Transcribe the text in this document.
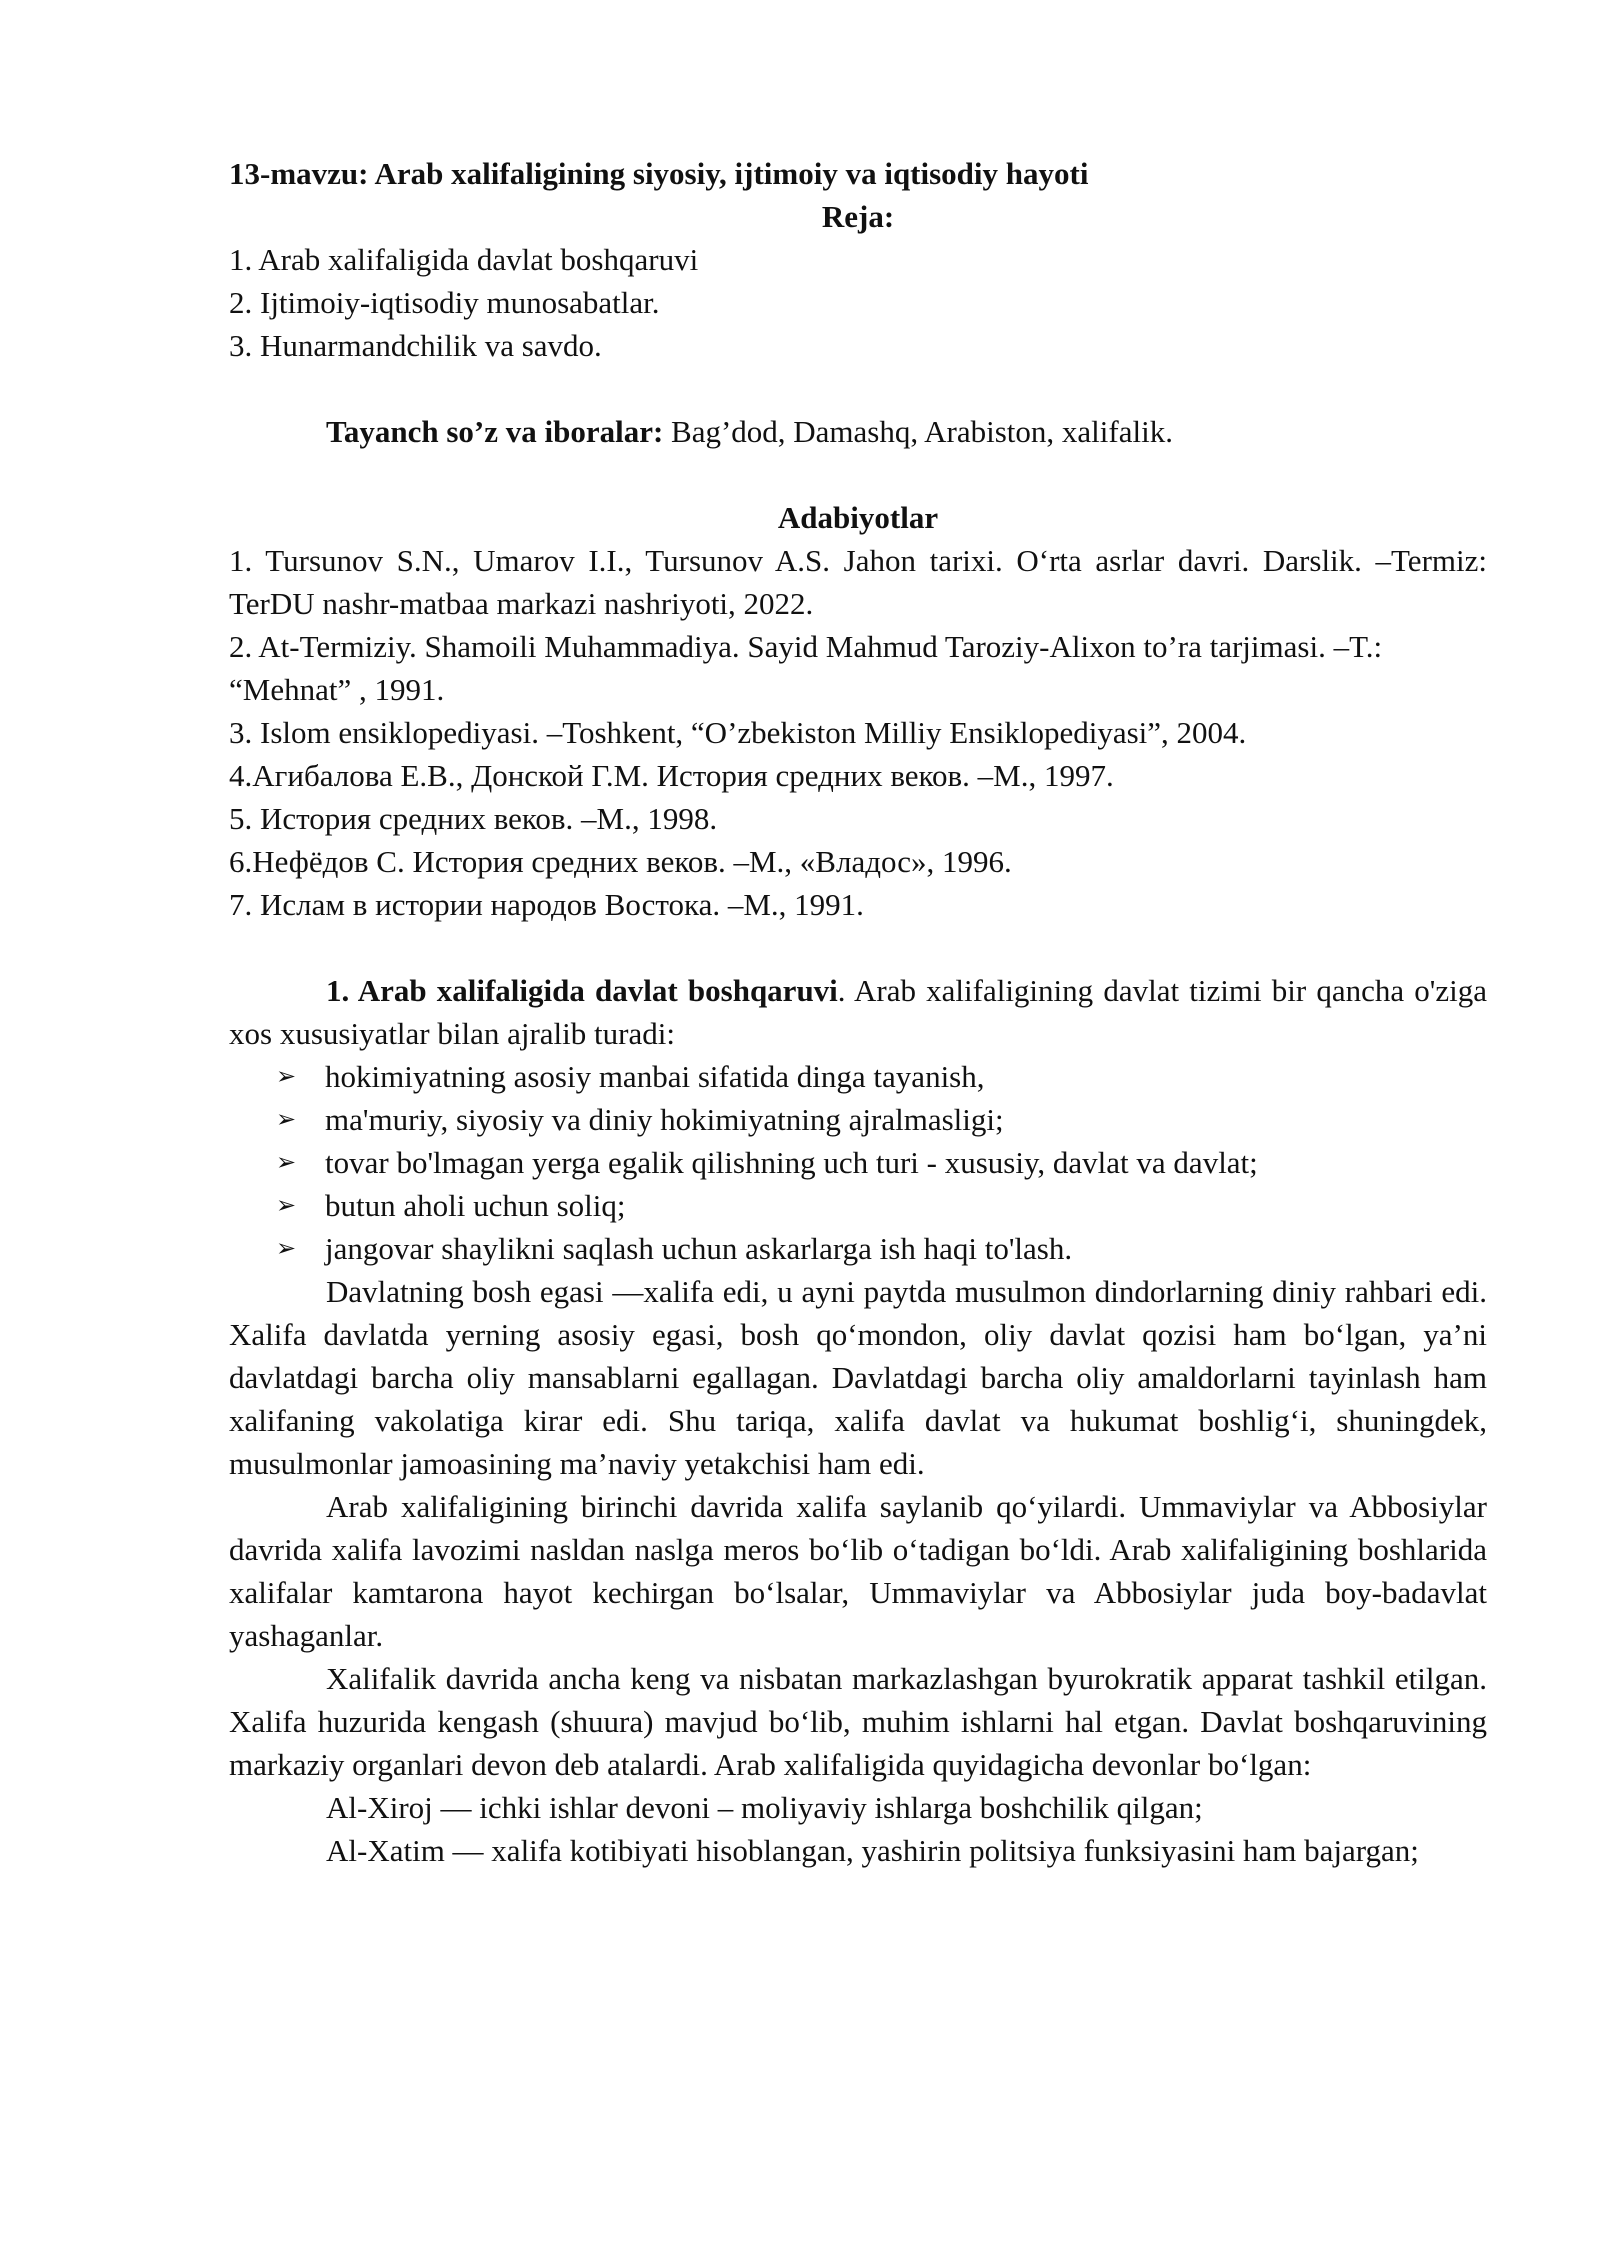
13-mavzu: Arab xalifaligining siyosiy, ijtimoiy va iqtisodiy hayoti

Reja:

1. Arab xalifaligida davlat boshqaruvi

2. Ijtimoiy-iqtisodiy munosabatlar.

3. Hunarmandchilik va savdo.

Tayanch so’z va iboralar: Bag’dod, Damashq, Arabiston, xalifalik.

Adabiyotlar

1. Tursunov S.N., Umarov I.I., Tursunov A.S. Jahon tarixi. O‘rta asrlar davri. Darslik. –Termiz: TerDU nashr-matbaa markazi nashriyoti, 2022.

2. At-Termiziy. Shamoili Muhammadiya. Sayid Mahmud Taroziy-Alixon to’ra tarjimasi. –T.: “Mehnat” , 1991.

3. Islom ensiklopediyasi. –Toshkent, “O’zbekiston Milliy Ensiklopediyasi”, 2004.

4.Агибалова Е.В., Донской Г.М. История средних веков. –М., 1997.

5. История средних веков. –М., 1998.

6.Нефёдов С. История средних веков. –М., «Владос», 1996.

7. Ислам в истории народов Востока. –М., 1991.

1. Arab xalifaligida davlat boshqaruvi. Arab xalifaligining davlat tizimi bir qancha o'ziga xos xususiyatlar bilan ajralib turadi:

➢ hokimiyatning asosiy manbai sifatida dinga tayanish,
➢ ma'muriy, siyosiy va diniy hokimiyatning ajralmasligi;
➢ tovar bo'lmagan yerga egalik qilishning uch turi - xususiy, davlat va davlat;
➢ butun aholi uchun soliq;
➢ jangovar shaylikni saqlash uchun askarlarga ish haqi to'lash.

Davlatning bosh egasi —xalifa edi, u ayni paytda musulmon dindorlarning diniy rahbari edi. Xalifa davlatda yerning asosiy egasi, bosh qo‘mondon, oliy davlat qozisi ham bo‘lgan, ya’ni davlatdagi barcha oliy mansablarni egallagan. Davlatdagi barcha oliy amaldorlarni tayinlash ham xalifaning vakolatiga kirar edi. Shu tariqa, xalifa davlat va hukumat boshlig‘i, shuningdek, musulmonlar jamoasining ma’naviy yetakchisi ham edi.

Arab xalifaligining birinchi davrida xalifa saylanib qo‘yilardi. Ummaviylar va Abbosiylar davrida xalifa lavozimi nasldan naslga meros bo‘lib o‘tadigan bo‘ldi. Arab xalifaligining boshlarida xalifalar kamtarona hayot kechirgan bo‘lsalar, Ummaviylar va Abbosiylar juda boy-badavlat yashaganlar.

Xalifalik davrida ancha keng va nisbatan markazlashgan byurokratik apparat tashkil etilgan. Xalifa huzurida kengash (shuura) mavjud bo‘lib, muhim ishlarni hal etgan. Davlat boshqaruvining markaziy organlari devon deb atalardi. Arab xalifaligida quyidagicha devonlar bo‘lgan:

Al-Xiroj — ichki ishlar devoni – moliyaviy ishlarga boshchilik qilgan;

Al-Xatim — xalifa kotibiyati hisoblangan, yashirin politsiya funksiyasini ham bajargan;
